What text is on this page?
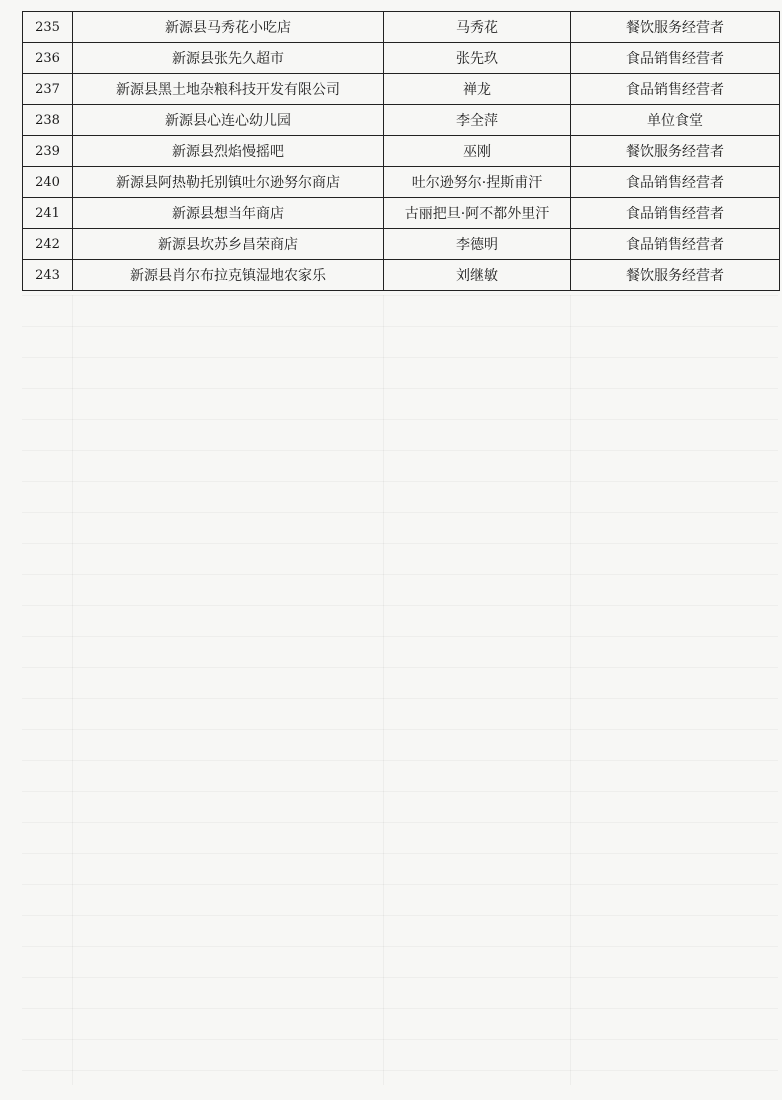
235	新源县马秀花小吃店	马秀花	餐饮服务经营者
236	新源县张先久超市	张先玖	食品销售经营者
237	新源县黑土地杂粮科技开发有限公司	禅龙	食品销售经营者
238	新源县心连心幼儿园	李全萍	单位食堂
239	新源县烈焰慢摇吧	巫刚	餐饮服务经营者
240	新源县阿热勒托别镇吐尔逊努尔商店	吐尔逊努尔·捏斯甫汗	食品销售经营者
241	新源县想当年商店	古丽把旦·阿不都外里汗	食品销售经营者
242	新源县坎苏乡昌荣商店	李德明	食品销售经营者
243	新源县肖尔布拉克镇湿地农家乐	刘继敏	餐饮服务经营者
